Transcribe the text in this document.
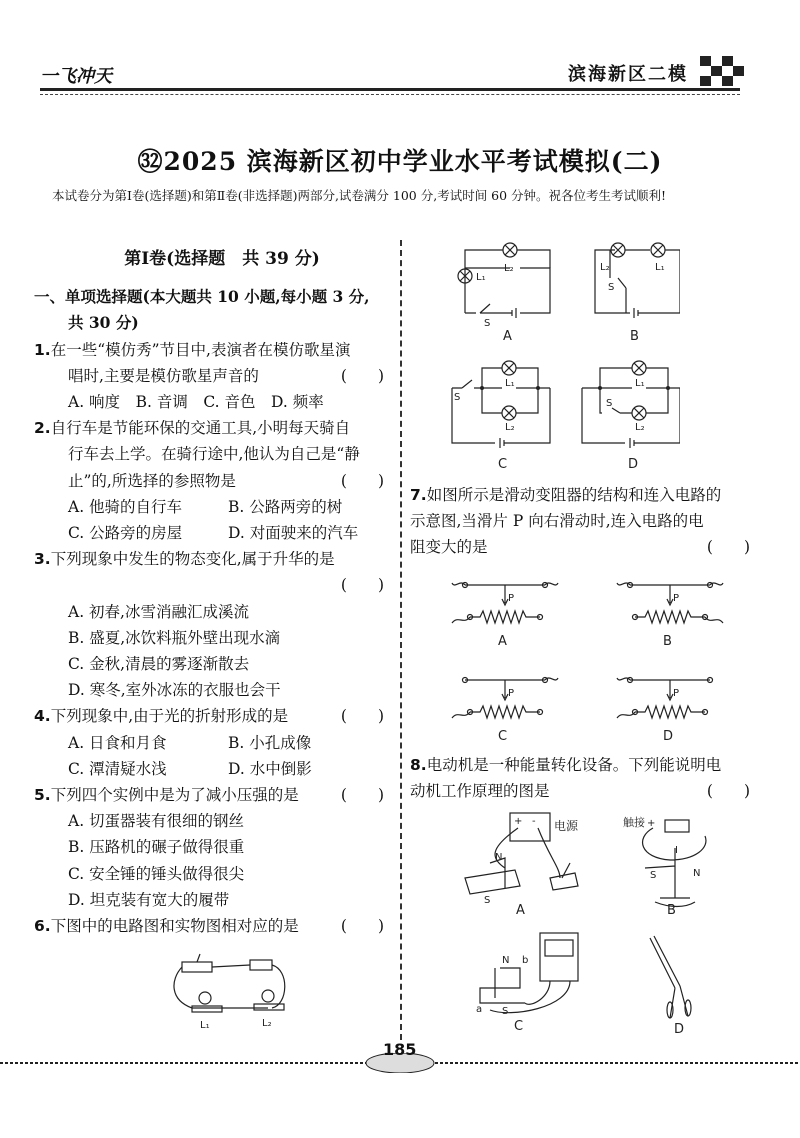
一飞冲天	滨海新区二模
㉜2025 滨海新区初中学业水平考试模拟(二)
本试卷分为第Ⅰ卷(选择题)和第Ⅱ卷(非选择题)两部分,试卷满分 100 分,考试时间 60 分钟。祝各位考生考试顺利!
第Ⅰ卷(选择题　共 39 分)
一、单项选择题(本大题共 10 小题,每小题 3 分,
共 30 分)
1.在一些“模仿秀”节目中,表演者在模仿歌星演
唱时,主要是模仿歌星声音的	(　　)
A. 响度　 B. 音调　 C. 音色　 D. 频率
2.自行车是节能环保的交通工具,小明每天骑自
行车去上学。在骑行途中,他认为自己是“静
止”的,所选择的参照物是	(　　)
A. 他骑的自行车	B. 公路两旁的树
C. 公路旁的房屋	D. 对面驶来的汽车
3.下列现象中发生的物态变化,属于升华的是
(　　)

A. 初春,冰雪消融汇成溪流
B. 盛夏,冰饮料瓶外壁出现水滴
C. 金秋,清晨的雾逐渐散去
D. 寒冬,室外冰冻的衣服也会干
4.下列现象中,由于光的折射形成的是	(　　)
A. 日食和月食	B. 小孔成像
C. 潭清疑水浅	D. 水中倒影
5.下列四个实例中是为了减小压强的是	(　　)
A. 切蛋器装有很细的钢丝
B. 压路机的碾子做得很重
C. 安全锤的锤头做得很尖
D. 坦克装有宽大的履带
6.下图中的电路图和实物图相对应的是	(　　)
L₁	L₂
L₁
L₂
S
A
L₂	L₁
S
B
L₁
L₂
S
C
L₁
L₂
S
D
7.如图所示是滑动变阻器的结构和连入电路的
示意图,当滑片 P 向右滑动时,连入电路的电
阻变大的是	(　　)
P
A
P
B
P
C
P
D
8.电动机是一种能量转化设备。下列能说明电
动机工作原理的图是	(　　)
+ - 电源
N
S
A
触接 +
I
S	N
B
N b
a S
C	D
185
